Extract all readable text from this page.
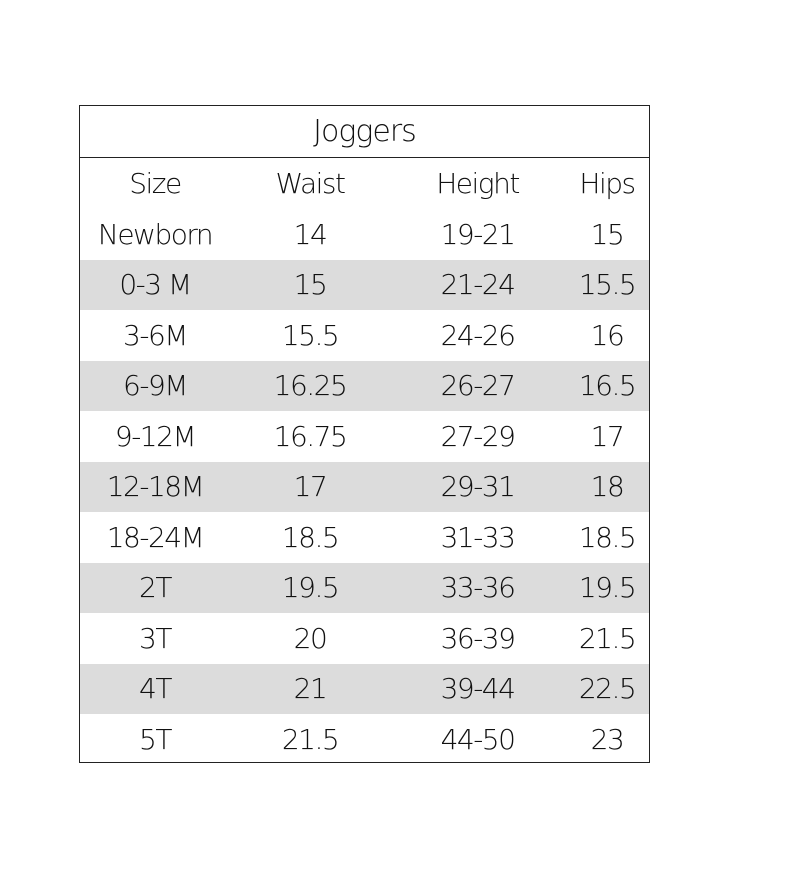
Joggers
Size	Waist	Height	Hips
Newborn	14	19-21	15
0-3 M	15	21-24	15.5
3-6M	15.5	24-26	16
6-9M	16.25	26-27	16.5
9-12M	16.75	27-29	17
12-18M	17	29-31	18
18-24M	18.5	31-33	18.5
2T	19.5	33-36	19.5
3T	20	36-39	21.5
4T	21	39-44	22.5
5T	21.5	44-50	23
